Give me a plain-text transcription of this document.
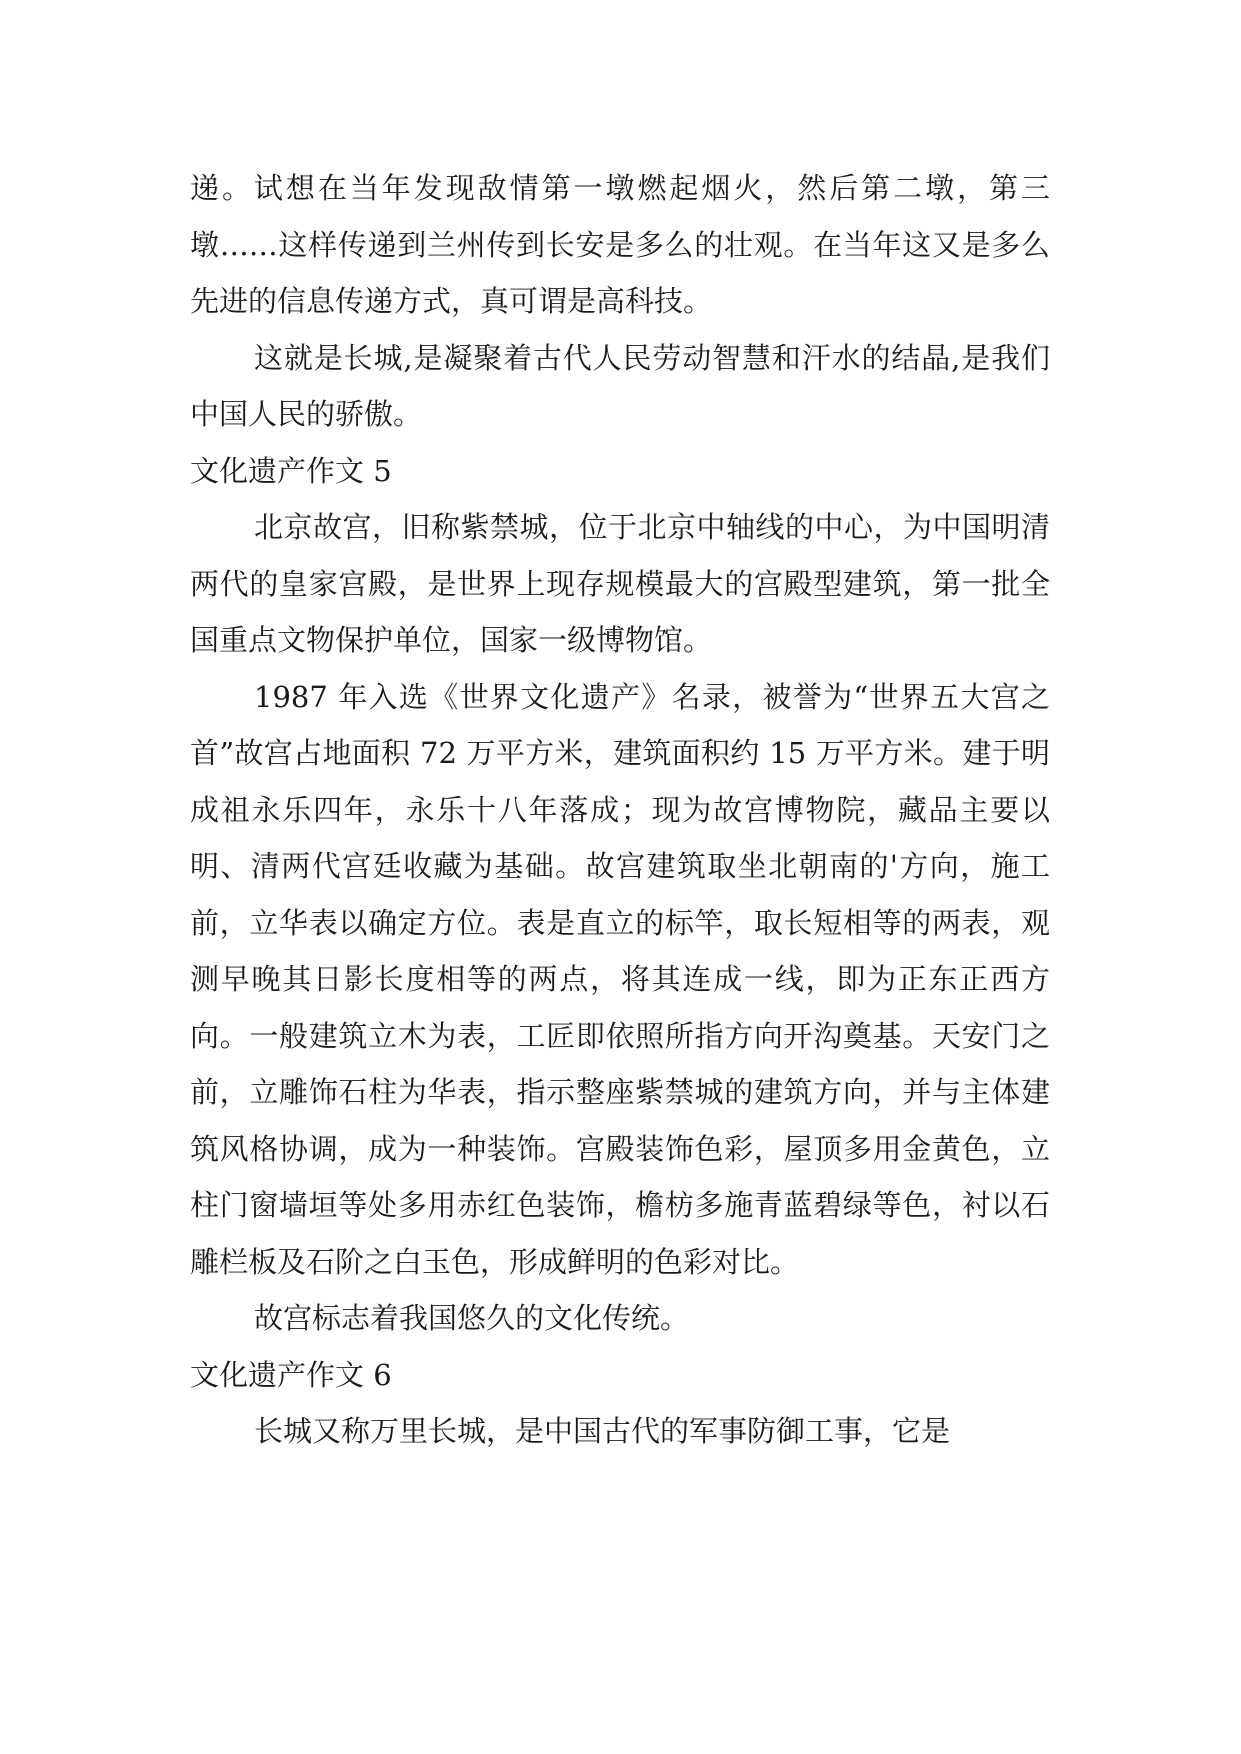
递。试想在当年发现敌情第一墩燃起烟火，然后第二墩，第三墩……这样传递到兰州传到长安是多么的壮观。在当年这又是多么先进的信息传递方式，真可谓是高科技。

这就是长城,是凝聚着古代人民劳动智慧和汗水的结晶,是我们中国人民的骄傲。

文化遗产作文 5

北京故宫，旧称紫禁城，位于北京中轴线的中心，为中国明清两代的皇家宫殿，是世界上现存规模最大的宫殿型建筑，第一批全国重点文物保护单位，国家一级博物馆。

1987 年入选《世界文化遗产》名录，被誉为“世界五大宫之首”故宫占地面积 72 万平方米，建筑面积约 15 万平方米。建于明成祖永乐四年，永乐十八年落成；现为故宫博物院，藏品主要以明、清两代宫廷收藏为基础。故宫建筑取坐北朝南的'方向，施工前，立华表以确定方位。表是直立的标竿，取长短相等的两表，观测早晚其日影长度相等的两点，将其连成一线，即为正东正西方向。一般建筑立木为表，工匠即依照所指方向开沟奠基。天安门之前，立雕饰石柱为华表，指示整座紫禁城的建筑方向，并与主体建筑风格协调，成为一种装饰。宫殿装饰色彩，屋顶多用金黄色，立柱门窗墙垣等处多用赤红色装饰，檐枋多施青蓝碧绿等色，衬以石雕栏板及石阶之白玉色，形成鲜明的色彩对比。

故宫标志着我国悠久的文化传统。

文化遗产作文 6

长城又称万里长城，是中国古代的军事防御工事，它是
